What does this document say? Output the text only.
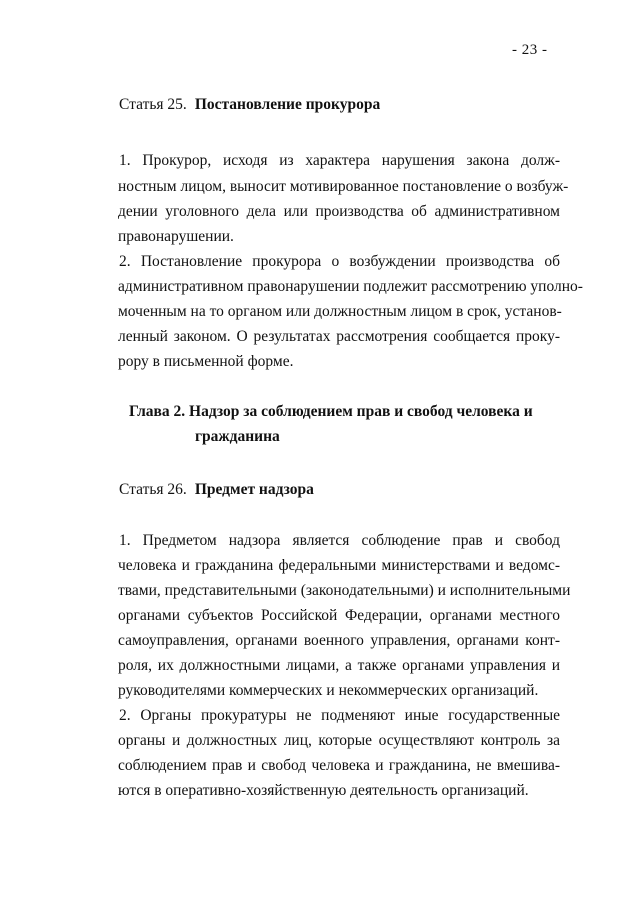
- 23 -
Статья 25. Постановление прокурора
1. Прокурор, исходя из характера нарушения закона долж-
ностным лицом, выносит мотивированное постановление о возбуж-
дении уголовного дела или производства об административном
правонарушении.
2. Постановление прокурора о возбуждении производства об
административном правонарушении подлежит рассмотрению уполно-
моченным на то органом или должностным лицом в срок, установ-
ленный законом. О результатах рассмотрения сообщается проку-
рору в письменной форме.
Глава 2. Надзор за соблюдением прав и свобод человека и
гражданина
Статья 26. Предмет надзора
1. Предметом надзора является соблюдение прав и свобод
человека и гражданина федеральными министерствами и ведомс-
твами, представительными (законодательными) и исполнительными
органами субъектов Российской Федерации, органами местного
самоуправления, органами военного управления, органами конт-
роля, их должностными лицами, а также органами управления и
руководителями коммерческих и некоммерческих организаций.
2. Органы прокуратуры не подменяют иные государственные
органы и должностных лиц, которые осуществляют контроль за
соблюдением прав и свобод человека и гражданина, не вмешива-
ются в оперативно-хозяйственную деятельность организаций.
